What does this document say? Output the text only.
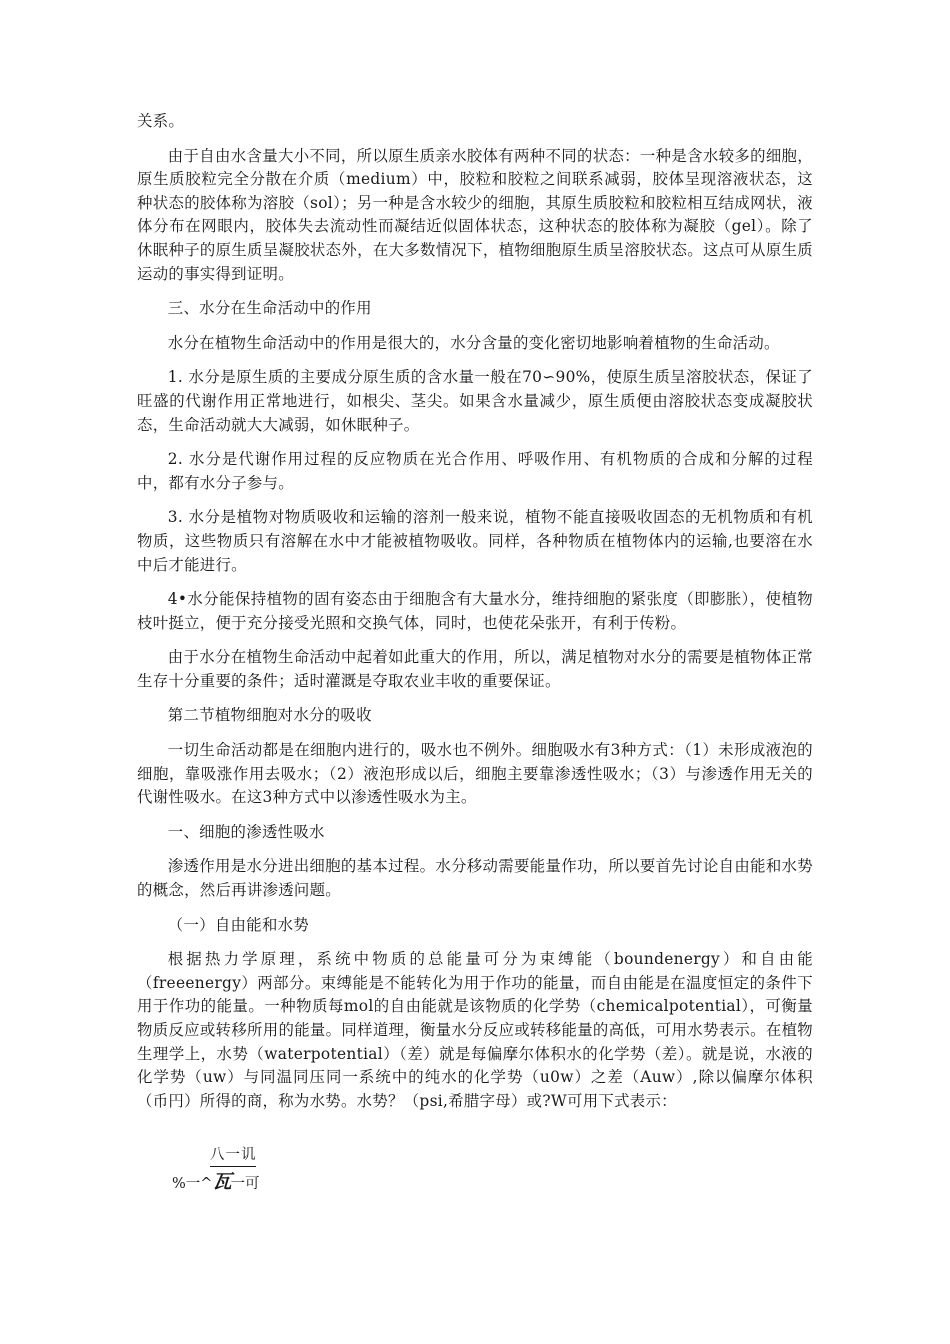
关系。

由于自由水含量大小不同，所以原生质亲水胶体有两种不同的状态：一种是含水较多的细胞，原生质胶粒完全分散在介质（medium）中，胶粒和胶粒之间联系减弱，胶体呈现溶液状态，这种状态的胶体称为溶胶（sol）；另一种是含水较少的细胞，其原生质胶粒和胶粒相互结成网状，液体分布在网眼内，胶体失去流动性而凝结近似固体状态，这种状态的胶体称为凝胶（gel）。除了休眠种子的原生质呈凝胶状态外，在大多数情况下，植物细胞原生质呈溶胶状态。这点可从原生质运动的事实得到证明。

三、水分在生命活动中的作用

水分在植物生命活动中的作用是很大的，水分含量的变化密切地影响着植物的生命活动。

1. 水分是原生质的主要成分原生质的含水量一般在70∽90%，使原生质呈溶胶状态，保证了旺盛的代谢作用正常地进行，如根尖、茎尖。如果含水量减少，原生质便由溶胶状态变成凝胶状态，生命活动就大大减弱，如休眠种子。

2. 水分是代谢作用过程的反应物质在光合作用、呼吸作用、有机物质的合成和分解的过程中，都有水分子参与。

3. 水分是植物对物质吸收和运输的溶剂一般来说，植物不能直接吸收固态的无机物质和有机物质，这些物质只有溶解在水中才能被植物吸收。同样，各种物质在植物体内的运输,也要溶在水中后才能进行。

4•水分能保持植物的固有姿态由于细胞含有大量水分，维持细胞的紧张度（即膨胀），使植物枝叶挺立，便于充分接受光照和交换气体，同时，也使花朵张开，有利于传粉。

由于水分在植物生命活动中起着如此重大的作用，所以，满足植物对水分的需要是植物体正常生存十分重要的条件；适时灌溉是夺取农业丰收的重要保证。

第二节植物细胞对水分的吸收

一切生命活动都是在细胞内进行的，吸水也不例外。细胞吸水有3种方式：（1）未形成液泡的细胞，靠吸涨作用去吸水；（2）液泡形成以后，细胞主要靠渗透性吸水；（3）与渗透作用无关的代谢性吸水。在这3种方式中以渗透性吸水为主。

一、细胞的渗透性吸水

渗透作用是水分进出细胞的基本过程。水分移动需要能量作功，所以要首先讨论自由能和水势的概念，然后再讲渗透问题。

（一）自由能和水势

根据热力学原理，系统中物质的总能量可分为束缚能（boundenergy）和自由能（freeenergy）两部分。束缚能是不能转化为用于作功的能量，而自由能是在温度恒定的条件下用于作功的能量。一种物质每mol的自由能就是该物质的化学势（chemicalpotential），可衡量物质反应或转移所用的能量。同样道理，衡量水分反应或转移能量的高低，可用水势表示。在植物生理学上，水势（waterpotential）（差）就是每偏摩尔体积水的化学势（差）。就是说，水液的化学势（uw）与同温同压同一系统中的纯水的化学势（u0w）之差（Auw）,除以偏摩尔体积（币円）所得的商，称为水势。水势？（psi,希腊字母）或?W可用下式表示：

八一讥
%一^瓦一可
